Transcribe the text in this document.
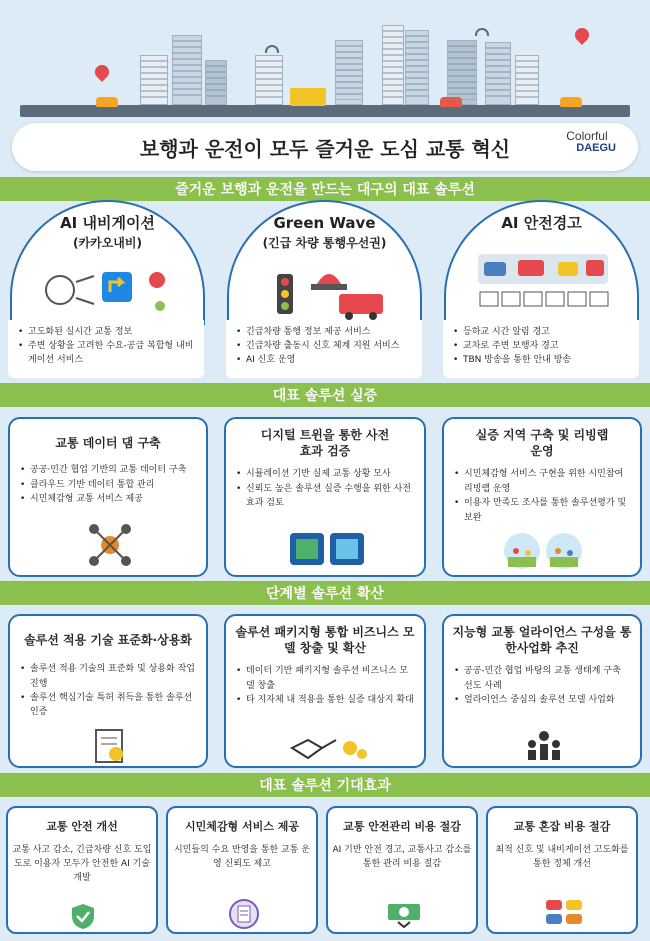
보행과 운전이 모두 즐거운 도심 교통 혁신
Colorful
DAEGU
즐거운 보행과 운전을 만드는 대구의 대표 솔루션
AI 내비게이션
(카카오내비)
Green Wave
(긴급 차량 통행우선권)
AI 안전경고
• 고도화된 실시간 교통 정보
• 주변 상황을 고려한 수요-공급 복합형 내비게이션 서비스
• 긴급차량 통행 정보 제공 서비스
• 긴급차량 출동시 신호 체계 지원 서비스
• AI 신호 운영
• 등하교 시간 알림 경고
• 교차로 주변 보행자 경고
• TBN 방송을 통한 안내 방송
대표 솔루션 실증
교통 데이터 댐 구축
• 공공·민간 협업 기반의 교통 데이터 구축
• 클라우드 기반 데이터 통합 관리
• 시민체감형 교통 서비스 제공
디지털 트윈을 통한 사전효과 검증
• 시뮬레이션 기반 실제 교통 상황 모사
• 신뢰도 높은 솔루션 실증 수행을 위한 사전 효과 검토
실증 지역 구축 및 리빙랩 운영
• 시민체감형 서비스 구현을 위한 시민참여 리빙랩 운영
• 이용자 만족도 조사를 통한 솔루션평가 및 보완
단계별 솔루션 확산
솔루션 적용 기술 표준화·상용화
• 솔루션 적용 기술의 표준화 및 상용화 작업 진행
• 솔루션 핵심기술 특허 취득을 통한 솔루션 인증
솔루션 패키지형 통합 비즈니스 모델 창출 및 확산
• 데이터 기반 패키지형 솔루션 비즈니스 모델 창출
• 타 지자체 내 적용을 통한 실증 대상지 확대
지능형 교통 얼라이언스 구성을 통한사업화 추진
• 공공-민간 협업 바탕의 교통 생태계 구축 선도 사례
• 얼라이언스 중심의 솔루션 모델 사업화
대표 솔루션 기대효과
교통 안전 개선
교통 사고 감소, 긴급차량 신호 도입 도로 이용자 모두가 안전한 AI 기술 개발
시민체감형 서비스 제공
시민들의 수요 반영을 통한 교통 운영 신뢰도 제고
교통 안전관리 비용 절감
AI 기반 안전 경고, 교통사고 감소를 통한 관리 비용 절감
교통 혼잡 비용 절감
최적 신호 및 내비게이션 고도화를 통한 정체 개선
